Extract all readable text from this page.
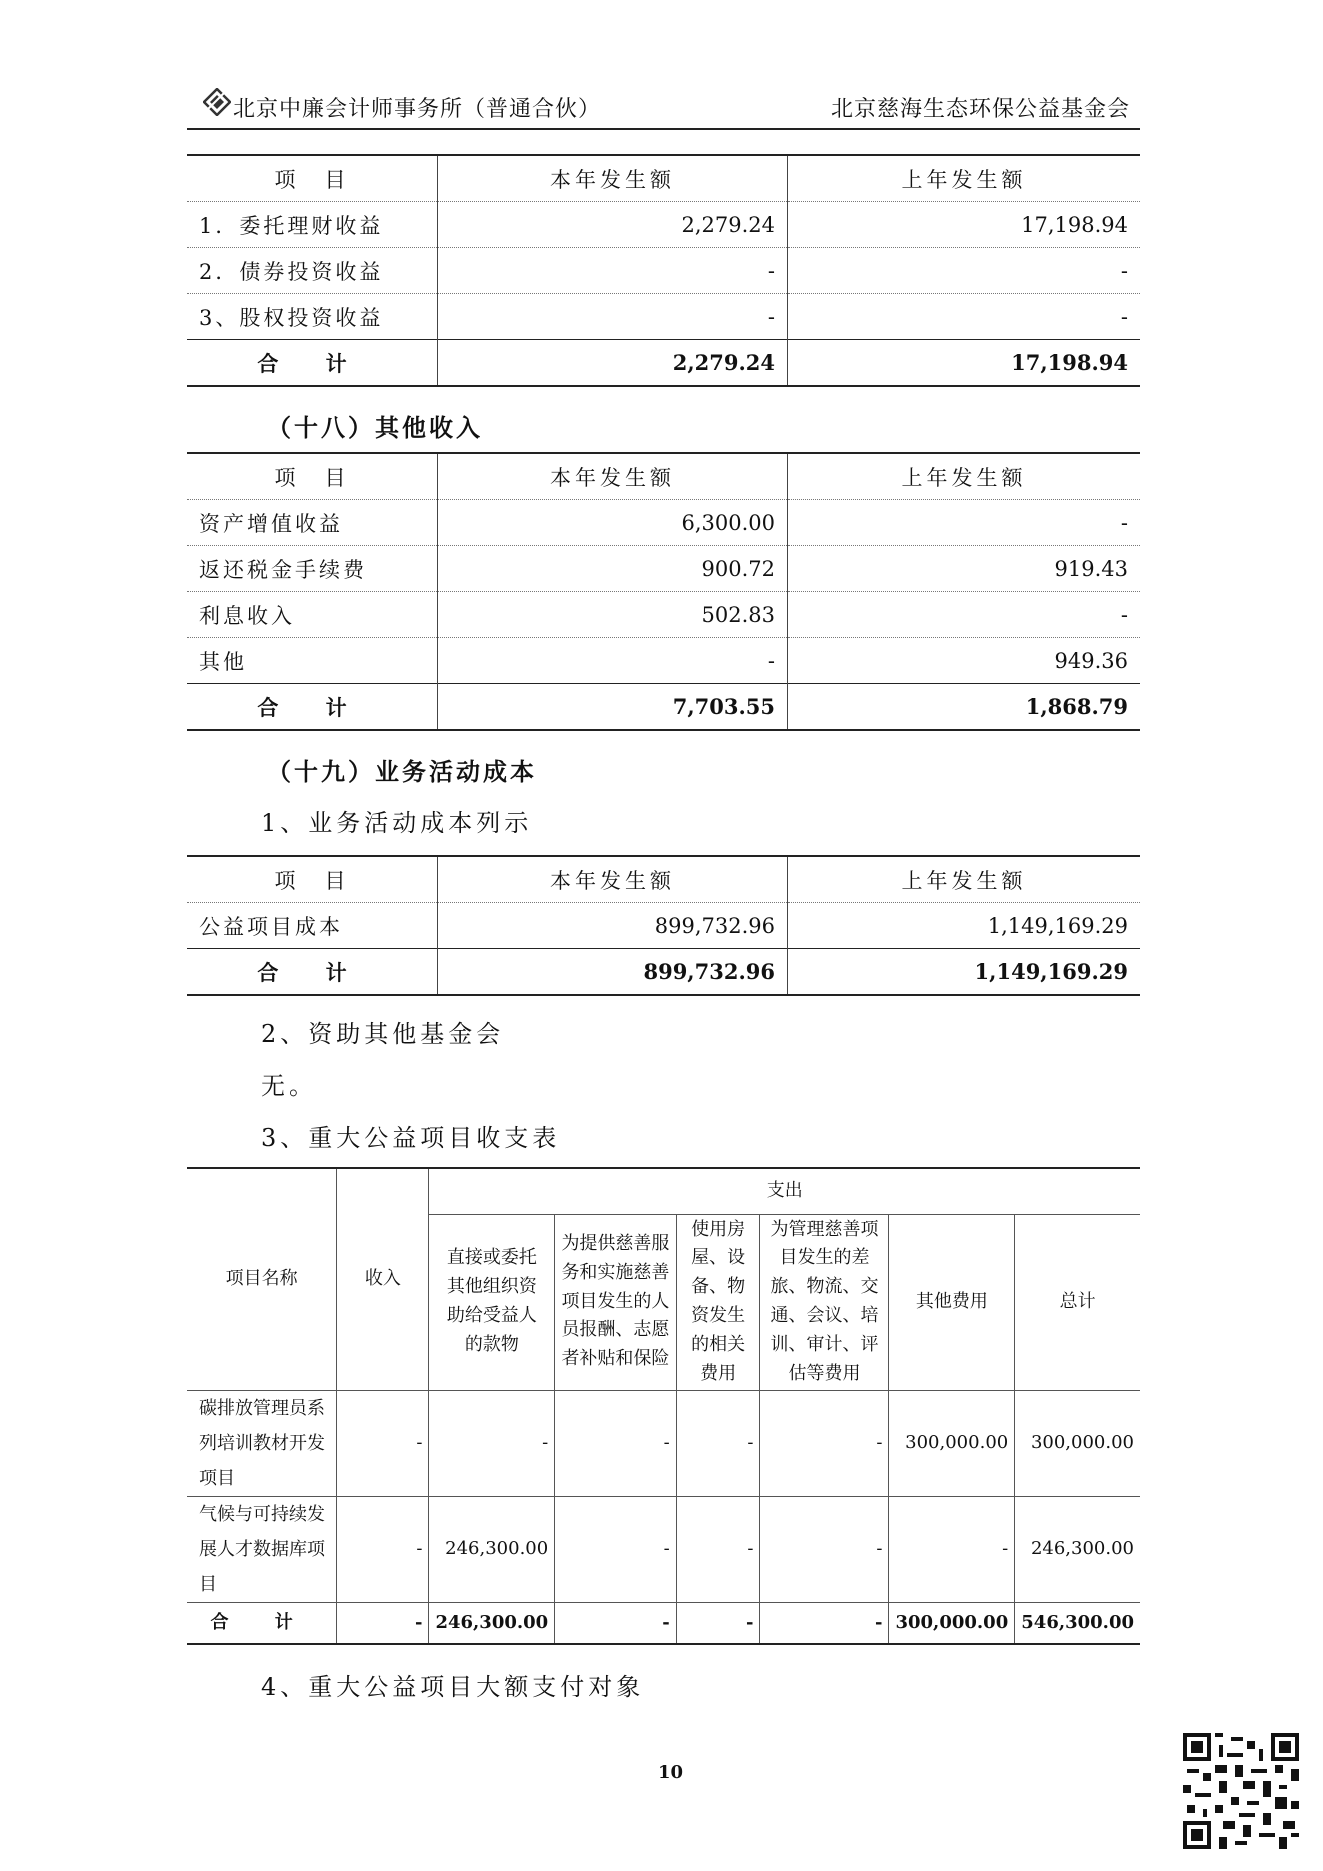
北京中廉会计师事务所（普通合伙）	北京慈海生态环保公益基金会
项　目	本年发生额	上年发生额
1．委托理财收益	2,279.24	17,198.94
2．债券投资收益	-	-
3、股权投资收益	-	-
合 计	2,279.24	17,198.94
（十八）其他收入
项　目	本年发生额	上年发生额
资产增值收益	6,300.00	-
返还税金手续费	900.72	919.43
利息收入	502.83	-
其他	-	949.36
合 计	7,703.55	1,868.79
（十九）业务活动成本
1、业务活动成本列示
项　目	本年发生额	上年发生额
公益项目成本	899,732.96	1,149,169.29
合 计	899,732.96	1,149,169.29
2、资助其他基金会
无。
3、重大公益项目收支表
项目名称	收入	支出					
		直接或委托其他组织资助给受益人的款物	为提供慈善服务和实施慈善项目发生的人员报酬、志愿者补贴和保险	使用房屋、设备、物资发生的相关费用	为管理慈善项目发生的差旅、物流、交通、会议、培训、审计、评估等费用	其他费用	总计
碳排放管理员系列培训教材开发项目	-	-	-	-	-	300,000.00	300,000.00
气候与可持续发展人才数据库项目	-	246,300.00	-	-	-	-	246,300.00
合 计	-	246,300.00	-	-	-	300,000.00	546,300.00
4、重大公益项目大额支付对象
10
